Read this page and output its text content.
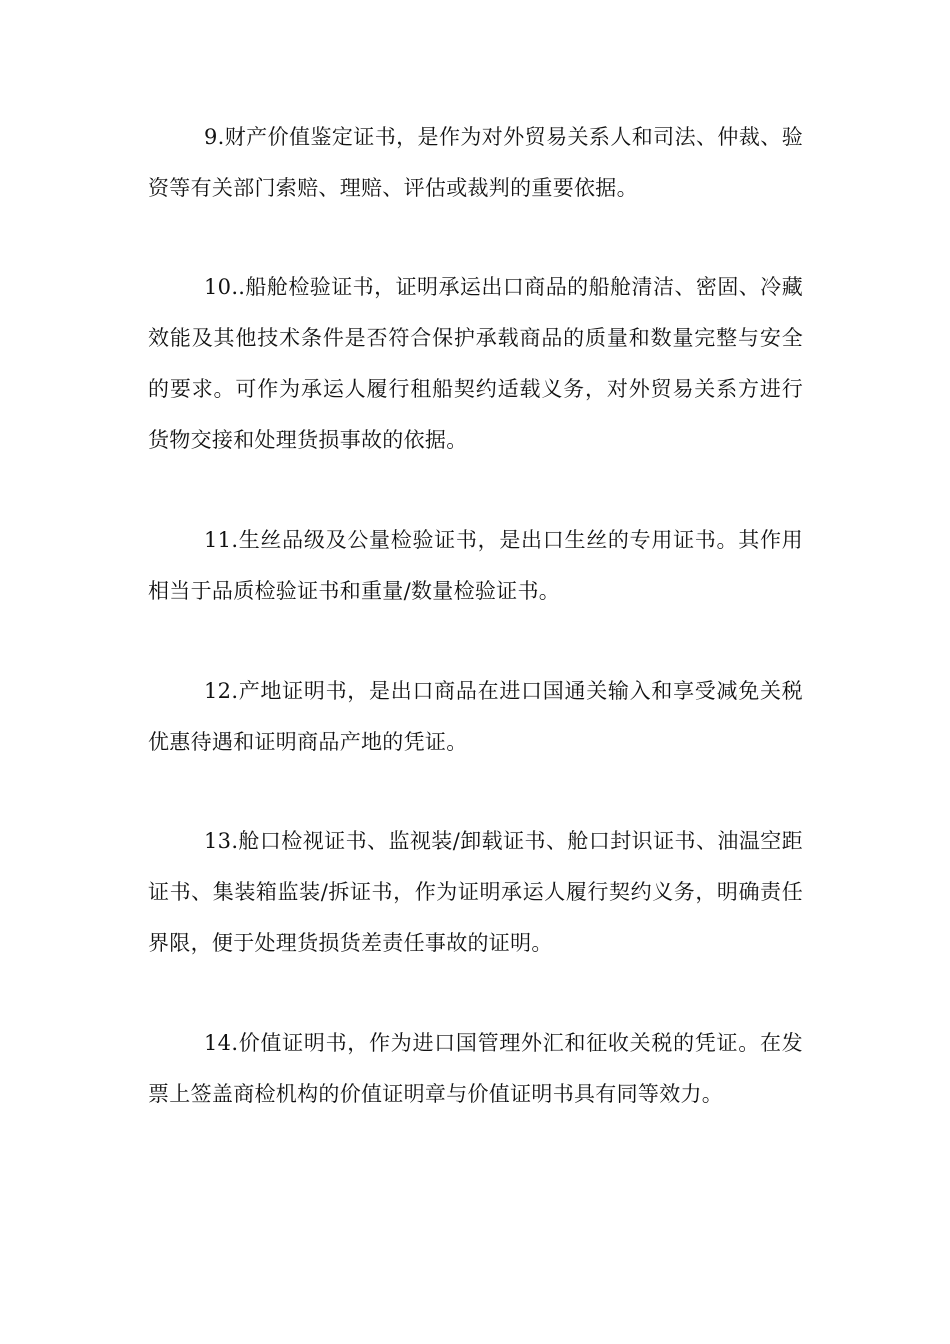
9.财产价值鉴定证书，是作为对外贸易关系人和司法、仲裁、验资等有关部门索赔、理赔、评估或裁判的重要依据。

10..船舱检验证书，证明承运出口商品的船舱清洁、密固、冷藏效能及其他技术条件是否符合保护承载商品的质量和数量完整与安全的要求。可作为承运人履行租船契约适载义务，对外贸易关系方进行货物交接和处理货损事故的依据。

11.生丝品级及公量检验证书，是出口生丝的专用证书。其作用相当于品质检验证书和重量/数量检验证书。

12.产地证明书，是出口商品在进口国通关输入和享受减免关税优惠待遇和证明商品产地的凭证。

13.舱口检视证书、监视装/卸载证书、舱口封识证书、油温空距证书、集装箱监装/拆证书，作为证明承运人履行契约义务，明确责任界限，便于处理货损货差责任事故的证明。

14.价值证明书，作为进口国管理外汇和征收关税的凭证。在发票上签盖商检机构的价值证明章与价值证明书具有同等效力。
